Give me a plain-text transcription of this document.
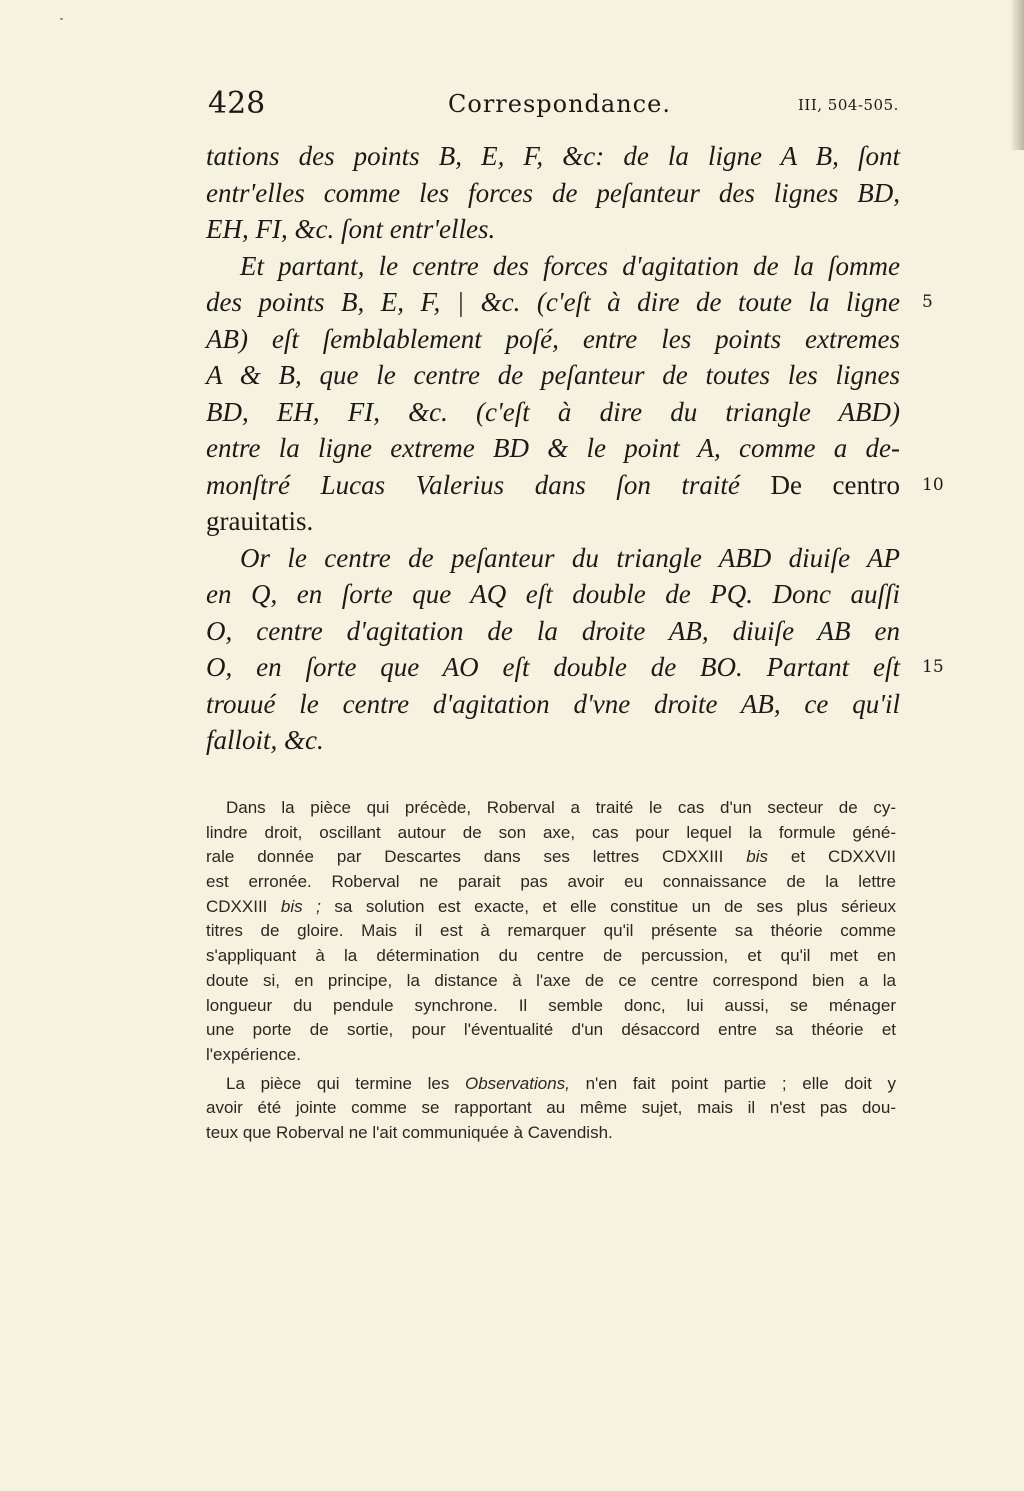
428	Correspondance.	III, 504-505.
tations des points B, E, F, &c: de la ligne A B, ſont
entr'elles comme les forces de peſanteur des lignes BD,
EH, FI, &c. ſont entr'elles.
Et partant, le centre des forces d'agitation de la ſomme
des points B, E, F, | &c. (c'eſt à dire de toute la ligne
AB) eſt ſemblablement poſé, entre les points extremes
A & B, que le centre de peſanteur de toutes les lignes
BD, EH, FI, &c. (c'eſt à dire du triangle ABD)
entre la ligne extreme BD & le point A, comme a de-
monſtré Lucas Valerius dans ſon traité De centro
grauitatis.
Or le centre de peſanteur du triangle ABD diuiſe AP
en Q, en ſorte que AQ eſt double de PQ. Donc auſſi
O, centre d'agitation de la droite AB, diuiſe AB en
O, en ſorte que AO eſt double de BO. Partant eſt
trouué le centre d'agitation d'vne droite AB, ce qu'il
falloit, &c.
5
10
15
Dans la pièce qui précède, Roberval a traité le cas d'un secteur de cy-
lindre droit, oscillant autour de son axe, cas pour lequel la formule géné-
rale donnée par Descartes dans ses lettres CDXXIII bis et CDXXVII
est erronée. Roberval ne parait pas avoir eu connaissance de la lettre
CDXXIII bis ; sa solution est exacte, et elle constitue un de ses plus sérieux
titres de gloire. Mais il est à remarquer qu'il présente sa théorie comme
s'appliquant à la détermination du centre de percussion, et qu'il met en
doute si, en principe, la distance à l'axe de ce centre correspond bien a la
longueur du pendule synchrone. Il semble donc, lui aussi, se ménager
une porte de sortie, pour l'éventualité d'un désaccord entre sa théorie et
l'expérience.
La pièce qui termine les Observations, n'en fait point partie ; elle doit y
avoir été jointe comme se rapportant au même sujet, mais il n'est pas dou-
teux que Roberval ne l'ait communiquée à Cavendish.
